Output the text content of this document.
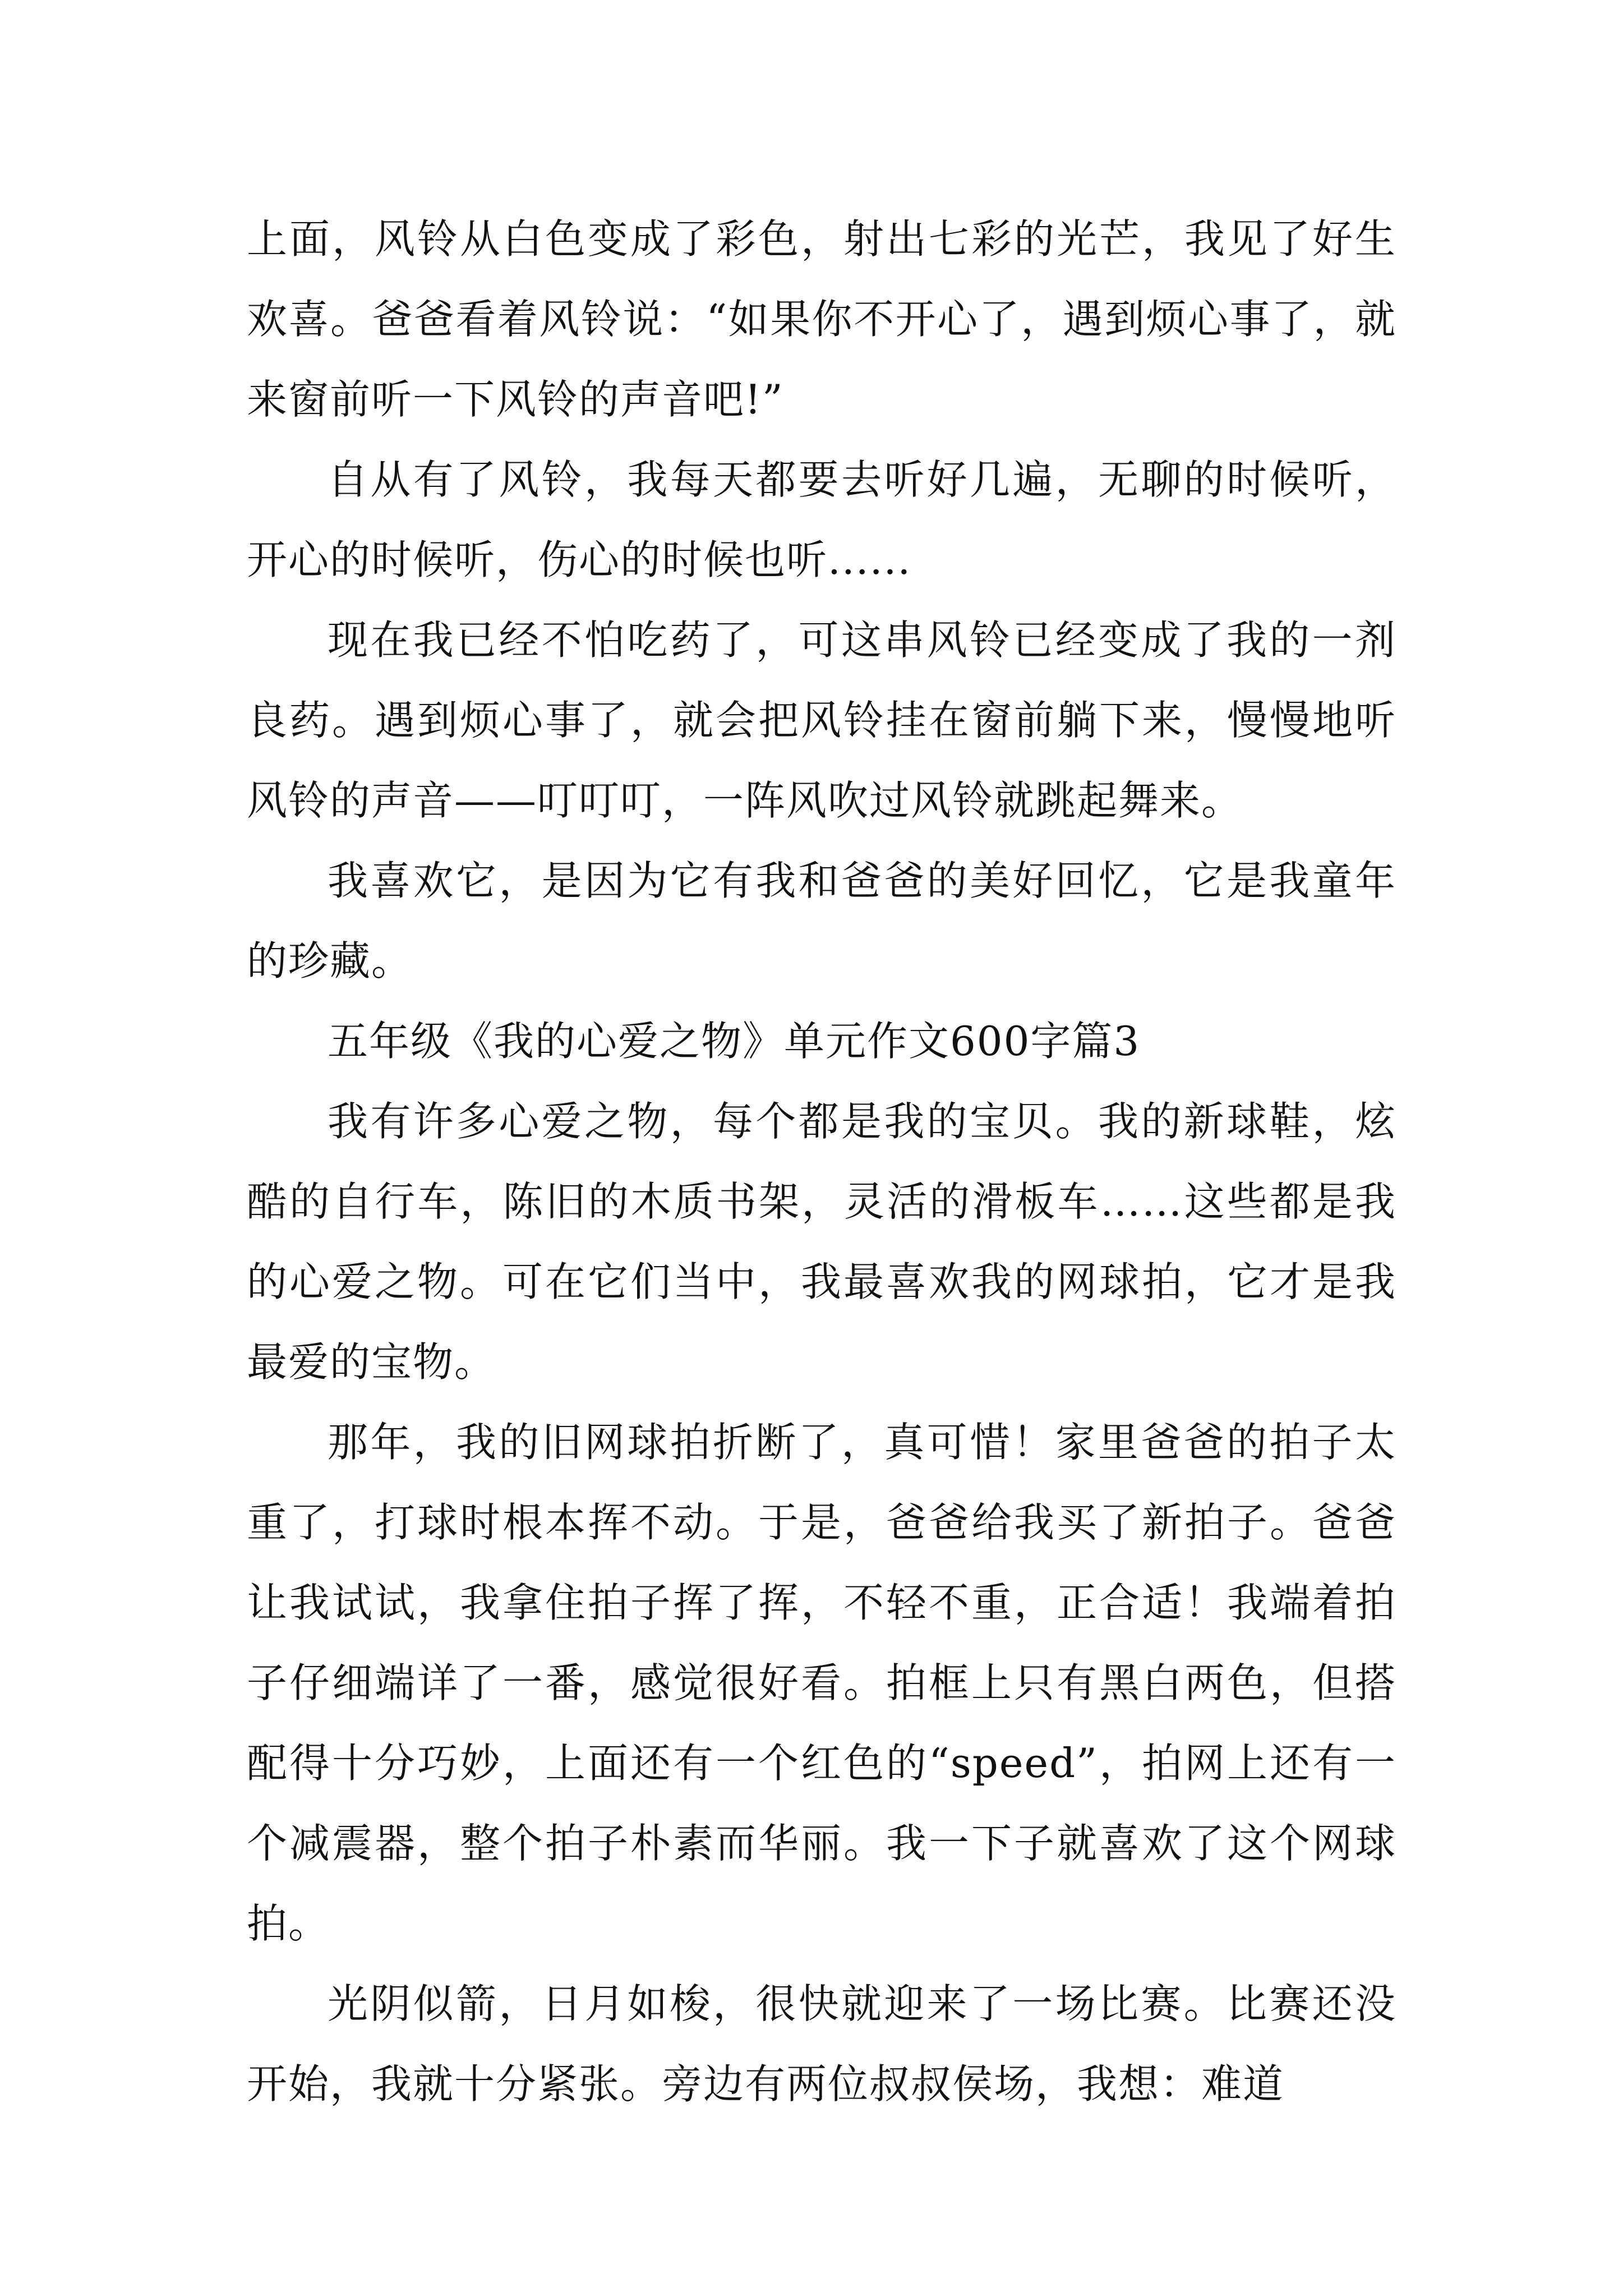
上面，风铃从白色变成了彩色，射出七彩的光芒，我见了好生欢喜。爸爸看着风铃说：“如果你不开心了，遇到烦心事了，就来窗前听一下风铃的声音吧!”

自从有了风铃，我每天都要去听好几遍，无聊的时候听，开心的时候听，伤心的时候也听......

现在我已经不怕吃药了，可这串风铃已经变成了我的一剂良药。遇到烦心事了，就会把风铃挂在窗前躺下来，慢慢地听风铃的声音——叮叮叮，一阵风吹过风铃就跳起舞来。

我喜欢它，是因为它有我和爸爸的美好回忆，它是我童年的珍藏。

五年级《我的心爱之物》单元作文600字篇3

我有许多心爱之物，每个都是我的宝贝。我的新球鞋，炫酷的自行车，陈旧的木质书架，灵活的滑板车……这些都是我的心爱之物。可在它们当中，我最喜欢我的网球拍，它才是我最爱的宝物。

那年，我的旧网球拍折断了，真可惜！家里爸爸的拍子太重了，打球时根本挥不动。于是，爸爸给我买了新拍子。爸爸让我试试，我拿住拍子挥了挥，不轻不重，正合适！我端着拍子仔细端详了一番，感觉很好看。拍框上只有黑白两色，但搭配得十分巧妙，上面还有一个红色的“speed”，拍网上还有一个减震器，整个拍子朴素而华丽。我一下子就喜欢了这个网球拍。

光阴似箭，日月如梭，很快就迎来了一场比赛。比赛还没开始，我就十分紧张。旁边有两位叔叔侯场，我想：难道
